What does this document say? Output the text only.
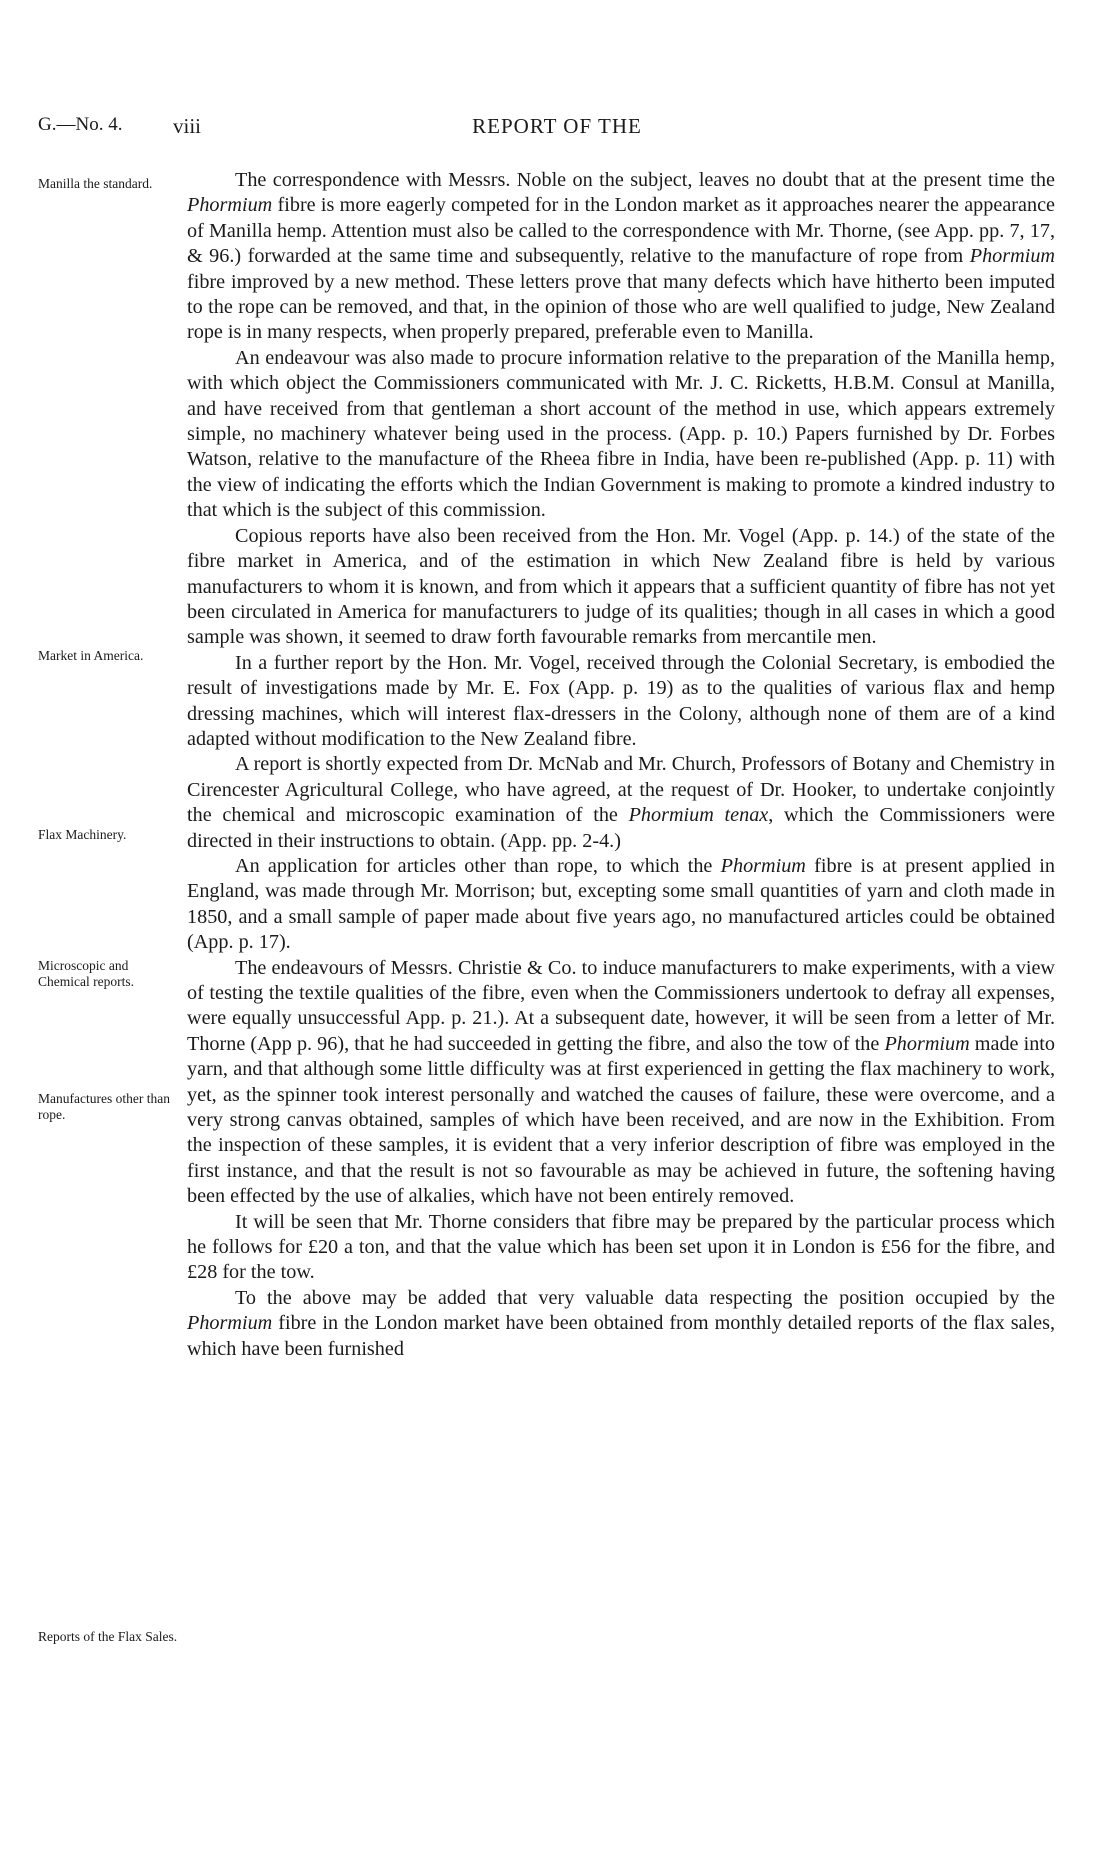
G.—No. 4. viii	REPORT OF THE
Manilla the standard.
Market in America.
Flax Machinery.
Microscopic and Chemical reports.
Manufactures other than rope.
Reports of the Flax Sales.

The correspondence with Messrs. Noble on the subject, leaves no doubt that at the present time the Phormium fibre is more eagerly competed for in the London market as it approaches nearer the appearance of Manilla hemp. Attention must also be called to the correspondence with Mr. Thorne, (see App. pp. 7, 17, & 96.) forwarded at the same time and subsequently, relative to the manufacture of rope from Phormium fibre improved by a new method. These letters prove that many defects which have hitherto been imputed to the rope can be removed, and that, in the opinion of those who are well qualified to judge, New Zealand rope is in many respects, when properly prepared, preferable even to Manilla.

An endeavour was also made to procure information relative to the preparation of the Manilla hemp, with which object the Commissioners communicated with Mr. J. C. Ricketts, H.B.M. Consul at Manilla, and have received from that gentleman a short account of the method in use, which appears extremely simple, no machinery whatever being used in the process. (App. p. 10.) Papers furnished by Dr. Forbes Watson, relative to the manufacture of the Rheea fibre in India, have been re-published (App. p. 11) with the view of indicating the efforts which the Indian Government is making to promote a kindred industry to that which is the subject of this commission.

Copious reports have also been received from the Hon. Mr. Vogel (App. p. 14.) of the state of the fibre market in America, and of the estimation in which New Zealand fibre is held by various manufacturers to whom it is known, and from which it appears that a sufficient quantity of fibre has not yet been circulated in America for manufacturers to judge of its qualities; though in all cases in which a good sample was shown, it seemed to draw forth favourable remarks from mercantile men.

In a further report by the Hon. Mr. Vogel, received through the Colonial Secretary, is embodied the result of investigations made by Mr. E. Fox (App. p. 19) as to the qualities of various flax and hemp dressing machines, which will interest flax-dressers in the Colony, although none of them are of a kind adapted without modification to the New Zealand fibre.

A report is shortly expected from Dr. McNab and Mr. Church, Professors of Botany and Chemistry in Cirencester Agricultural College, who have agreed, at the request of Dr. Hooker, to undertake conjointly the chemical and microscopic examination of the Phormium tenax, which the Commissioners were directed in their instructions to obtain. (App. pp. 2-4.)

An application for articles other than rope, to which the Phormium fibre is at present applied in England, was made through Mr. Morrison; but, excepting some small quantities of yarn and cloth made in 1850, and a small sample of paper made about five years ago, no manufactured articles could be obtained (App. p. 17).

The endeavours of Messrs. Christie & Co. to induce manufacturers to make experiments, with a view of testing the textile qualities of the fibre, even when the Commissioners undertook to defray all expenses, were equally unsuccessful App. p. 21.). At a subsequent date, however, it will be seen from a letter of Mr. Thorne (App p. 96), that he had succeeded in getting the fibre, and also the tow of the Phormium made into yarn, and that although some little difficulty was at first experienced in getting the flax machinery to work, yet, as the spinner took interest personally and watched the causes of failure, these were overcome, and a very strong canvas obtained, samples of which have been received, and are now in the Exhibition. From the inspection of these samples, it is evident that a very inferior description of fibre was employed in the first instance, and that the result is not so favourable as may be achieved in future, the softening having been effected by the use of alkalies, which have not been entirely removed.

It will be seen that Mr. Thorne considers that fibre may be prepared by the particular process which he follows for £20 a ton, and that the value which has been set upon it in London is £56 for the fibre, and £28 for the tow.

To the above may be added that very valuable data respecting the position occupied by the Phormium fibre in the London market have been obtained from monthly detailed reports of the flax sales, which have been furnished
